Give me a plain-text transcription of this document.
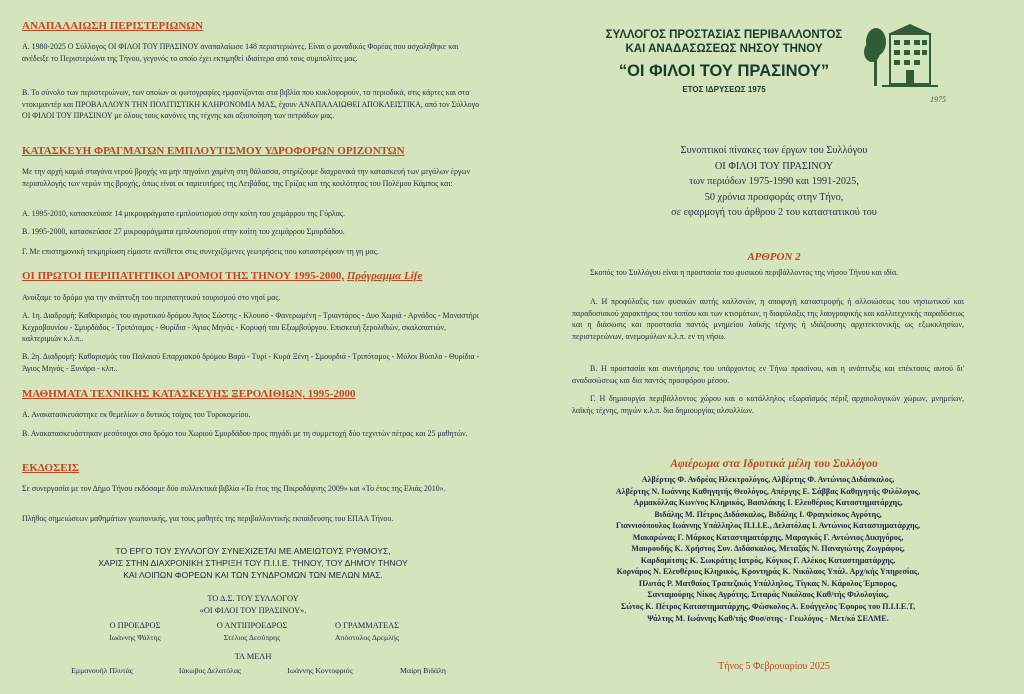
ΑΝΑΠΑΛΑΙΩΣΗ ΠΕΡΙΣΤΕΡΙΩΝΩΝ

Α. 1980-2025 Ο Σύλλογος ΟΙ ΦΙΛΟΙ ΤΟΥ ΠΡΑΣΙΝΟΥ αναπαλαίωσε 148 περιστεριώνες. Είναι ο μοναδικός Φορέας που ασχολήθηκε και ανέδειξε το Περιστεριώνα της Τήνου, γεγονός το οποίο έχει εκτιμηθεί ιδιαίτερα από τους συμπολίτες μας.

Β. Το σύνολο των περιστεριώνων, των οποίων οι φωτογραφίες εμφανίζονται στα βιβλία που κυκλοφορούν, τα περιοδικά, στις κάρτες και στα ντοκιμαντέρ και ΠΡΟΒΑΛΛΟΥΝ ΤΗΝ ΠΟΛΙΤΙΣΤΙΚΗ ΚΛΗΡΟΝΟΜΙΑ ΜΑΣ, έχουν ΑΝΑΠΑΛΑΙΩΘΕΙ ΑΠΟΚΛΕΙΣΤΙΚΑ, από τον Σύλλογο ΟΙ ΦΙΛΟΙ ΤΟΥ ΠΡΑΣΙΝΟΥ με όλους τους κανόνες της τέχνης και αξιοποίηση των πετράδων μας.

ΚΑΤΑΣΚΕΥΗ ΦΡΑΓΜΑΤΩΝ ΕΜΠΛΟΥΤΙΣΜΟΥ ΥΔΡΟΦΟΡΩΝ ΟΡΙΖΟΝΤΩΝ

Με την αρχή καμιά σταγόνα νερού βροχής να μην πηγαίνει χαμένη στη θάλασσα, στηρίζουμε διαχρονικά την κατασκευή των μεγάλων έργων περισυλλογής των νερών της βροχής, όπως είναι οι ταμιευτήρες της Λειβάδας, της Γρίζας και της κοιλότητας του Πολέμου Κάμπος και:

Α. 1995-2010, κατασκεύασε 14 μικροφράγματα εμπλουτισμού στην κοίτη του χειμάρρου της Γύρλας.

Β. 1995-2000, κατασκεύασε 27 μικροφράγματα εμπλουτισμού στην κοίτη του χειμάρρου Σμυρδάδου.

Γ. Με επιστημονική τεκμηρίωση είμαστε αντίθετοι στις συνεχιζόμενες γεωτρήσεις που καταστρέφουν τη γη μας.

ΟΙ ΠΡΩΤΟΙ ΠΕΡΙΠΑΤΗΤΙΚΟΙ ΔΡΟΜΟΙ ΤΗΣ ΤΗΝΟΥ 1995-2000, Πρόγραμμα Life

Ανοίξαμε το δρόμο για την ανάπτυξη του περιπατητικού τουρισμού στο νησί μας.

Α. 1η. Διαδρομή: Καθαρισμός του αγροτικού δρόμου Άγιος Σώστης - Κλουσό - Φανερωμένη - Τριαντάρος - Δυο Χωριά - Αρνάδος - Μοναστήρι Κεχροβουνίου - Σμυρδάδος - Τριπόταμος - Θυρίδια - Άγιος Μηνάς - Κορυφή του Εξωμβούργου. Επισκευή ξερολιθιών, σκαλοπατιών, καλτεριμιών κ.λ.π..

Β. 2η. Διαδρομή: Καθαρισμός του Παλαιού Επαρχιακού δρόμου Βαρύ - Τυρί - Κυρά Ξένη - Σμουρδιά - Τριπόταμος - Μύλοι Βύσιλο - Θυρίδια - Άγιος Μηνάς - Ξυνάρα - κλπ..

ΜΑΘΗΜΑΤΑ ΤΕΧΝΙΚΗΣ ΚΑΤΑΣΚΕΥΗΣ ΞΕΡΟΛΙΘΙΩΝ, 1995-2000

Α. Ανακατασκευάστηκε εκ θεμελίων ο δυτικός τοίχος του Τυροκομείου.

Β. Ανακατασκευάστηκαν μεσότοιχοι στο δρόμο του Χωριού Σμυρδάδου προς πηγάδι με τη συμμετοχή δύο τεχνιτών πέτρας και 25 μαθητών.

ΕΚΔΟΣΕΙΣ

Σε συνεργασία με τον Δήμο Τήνου εκδόσαμε δύο συλλεκτικά βιβλία «Το έτος της Πικροδάφνης 2009» και «Το έτος της Ελιάς 2010».

Πλήθος σημειώσεων μαθημάτων γεωπονικής, για τους μαθητές της περιβαλλοντικής εκπαίδευσης του ΕΠΑΛ Τήνου.

ΤΟ ΕΡΓΟ ΤΟΥ ΣΥΛΛΟΓΟΥ ΣΥΝΕΧΙΖΕΤΑΙ ΜΕ ΑΜΕΙΩΤΟΥΣ ΡΥΘΜΟΥΣ,
ΧΑΡΙΣ ΣΤΗΝ ΔΙΑΧΡΟΝΙΚΗ ΣΤΗΡΙΞΗ ΤΟΥ Π.Ι.Ι.Ε. ΤΗΝΟΥ, ΤΟΥ ΔΗΜΟΥ ΤΗΝΟΥ
ΚΑΙ ΛΟΙΠΩΝ ΦΟΡΕΩΝ ΚΑΙ ΤΩΝ ΣΥΝΔΡΟΜΩΝ ΤΩΝ ΜΕΛΩΝ ΜΑΣ.
ΤΟ Δ.Σ. ΤΟΥ ΣΥΛΛΟΓΟΥ
«ΟΙ ΦΙΛΟΙ ΤΟΥ ΠΡΑΣΙΝΟΥ».
Ο ΠΡΟΕΔΡΟΣ
Ιωάννης Ψάλτης
Ο ΑΝΤΙΠΡΟΕΔΡΟΣ
Στέλιος Δεσύπρης
Ο ΓΡΑΜΜΑΤΕΑΣ
Απόστολος Δρεμλής
ΤΑ ΜΕΛΗ
Εμμανουήλ Πλυτάς	Ιάκωβος Δελατόλας	Ιωάννης Κοντοφριός	Μαίρη Βιδάλη
ΣΥΛΛΟΓΟΣ ΠΡΟΣΤΑΣΙΑΣ ΠΕΡΙΒΑΛΛΟΝΤΟΣ
ΚΑΙ ΑΝΑΔΑΣΩΣΕΩΣ ΝΗΣΟΥ ΤΗΝΟΥ
“ΟΙ ΦΙΛΟΙ ΤΟΥ ΠΡΑΣΙΝΟΥ”
ΕΤΟΣ ΙΔΡΥΣΕΩΣ 1975
1975
Συνοπτικοί πίνακες των έργων του Συλλόγου
ΟΙ ΦΙΛΟΙ ΤΟΥ ΠΡΑΣΙΝΟΥ
των περιόδων 1975-1990 και 1991-2025,
50 χρόνια προσφοράς στην Τήνο,
σε εφαρμογή του άρθρου 2 του καταστατικού του
ΑΡΘΡΟΝ 2

Σκοπός του Συλλόγου είναι η προστασία του φυσικού περιβάλλοντος της νήσου Τήνου και ιδία.

Α. Η προφύλαξις των φυσικών αυτής καλλονών, η αποφυγή καταστροφής ή αλλοιώσεως του νησιωτικού και παραδοσιακού χαρακτήρος του τοπίου και των κτισμάτων, η διαφύλαξις της λαογραφικής και καλλιτεχνικής παραδόσεως και η διάσωσις και προστασία παντός μνημείου λαϊκής τέχνης ή ιδιάζουσης αρχιτεκτονικής ως εξωκκλησίων, περιστερεώνων, ανεμομύλων κ.λ.π. εν τη νήσω.

Β. Η προστασία και συντήρησις του υπάρχοντος εν Τήνω πρασίνου, και η ανάπτυξις και επέκτασις αυτού δι' αναδασώσεως και δια παντός προσφόρου μέσου.

Γ. Η δημιουργία περιβάλλοντος χώρου και ο κατάλληλος εξωραϊσμός πέριξ αρχαιολογικών χώρων, μνημείων, λαϊκής τέχνης, πηγών κ.λ.π. δια δημιουργίας αλσυλλίων.

Αφιέρωμα στα Ιδρυτικά μέλη του Συλλόγου
Αλβέρτης Φ. Ανδρέας Ηλεκτρολόγος, Αλβέρτης Φ. Αντώνιος Διδάσκαλος,
Αλβέρτης Ν. Ιωάννης Καθηγητής Θεολόγος, Απέργης Ε. Σάββας Καθηγητής Φιλόλογος,
Αρμακόλλας Κων/νος Κληρικός, Βασιλάκης Ι. Ελευθέριος Καταστηματάρχης,
Βιδάλης Μ. Πέτρος Διδάσκαλος, Βιδάλης Ι. Φραγκίσκος Αγρότης,
Γιαννισόπουλος Ιωάννης Υπάλληλος Π.Ι.Ι.Ε., Δελατόλας Ι. Αντώνιος Καταστηματάρχης,
Μακαρώνας Γ. Μάρκος Καταστηματάρχης, Μαραγκός Γ. Αντώνιος Δικηγόρος,
Μαυρουδής Κ. Χρήστος Συν. Διδάσκαλος, Μεταξάς Ν. Παναγιώτης Ζωγράφος,
Καρδαμίτσης Κ. Σωκράτης Ιατρός, Κόγκος Γ. Αλέκος Καταστηματάρχης,
Κορνάρος Ν. Ελευθέριος Κληρικός, Κροντηράς Κ. Νικόλαος Υπάλ. Αρχ/κής Υπηρεσίας,
Πλυτάς Ρ. Ματθαίος Τραπεζικός Υπάλληλος, Τίγκας Ν. Κάρολος Έμπορος,
Σανταμούρης Νίκος Αγρότης, Σιταράς Νικόλαος Καθ/τής Φιλολογίας,
Σώτος Κ. Πέτρος Καταστηματάρχης, Φώσκολος Α. Ευάγγελος Έφορος του Π.Ι.Ι.Ε.Τ,
Ψάλτης Μ. Ιωάννης Καθ/τής Φυσ/στης - Γεωλόγος - Μετ/κό ΣΕΛΜΕ.
Τήνος 5 Φεβρουαρίου 2025
